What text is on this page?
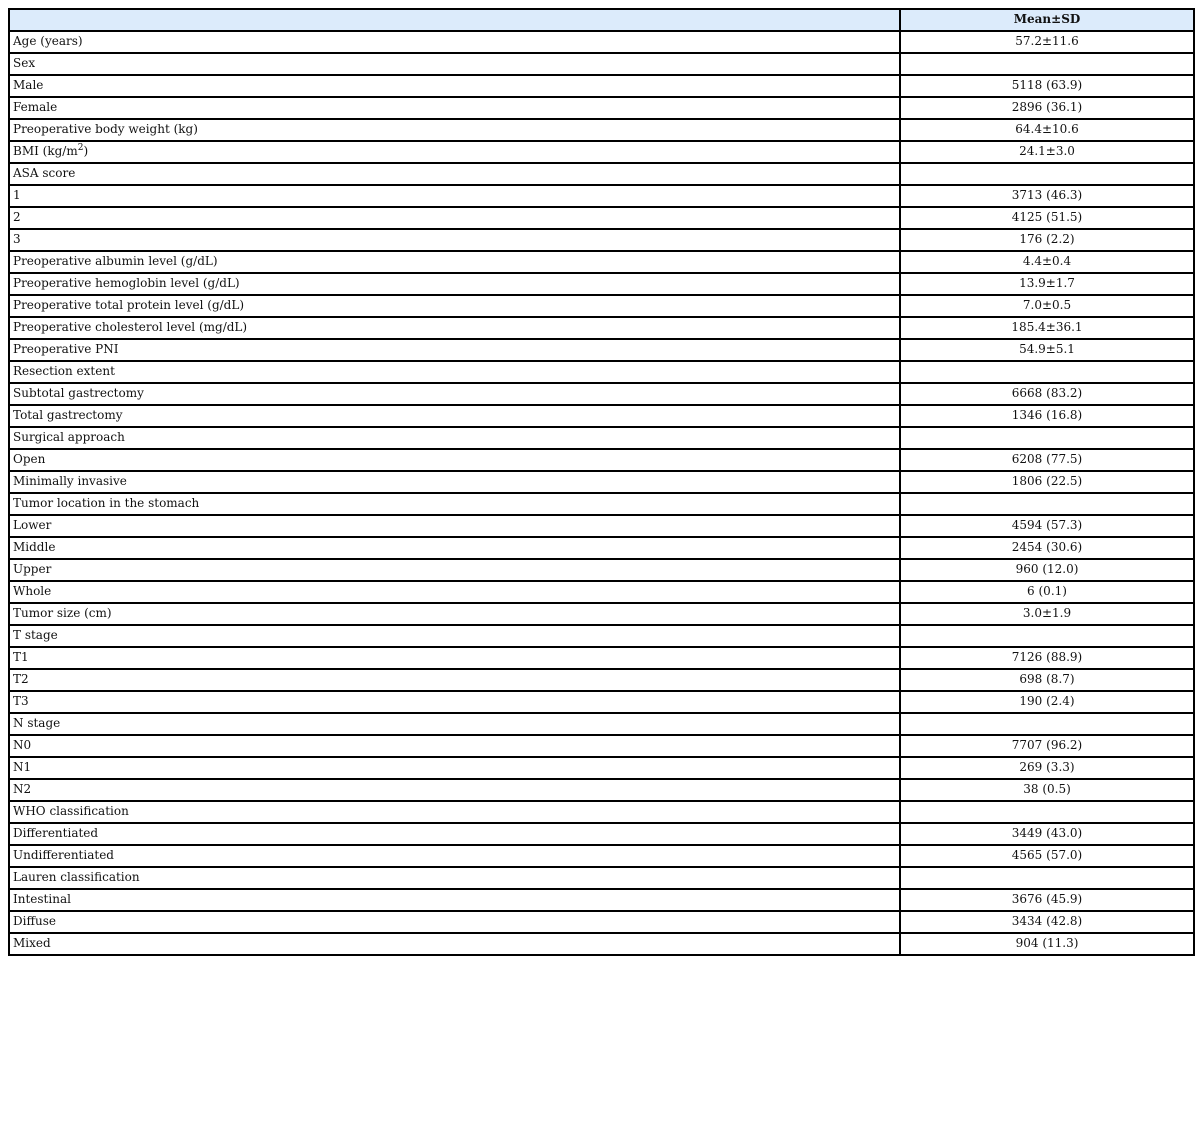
	Mean±SD
Age (years)	57.2±11.6
Sex	
Male	5118 (63.9)
Female	2896 (36.1)
Preoperative body weight (kg)	64.4±10.6
BMI $(kg/m^2)$	24.1±3.0
ASA score	
1	3713 (46.3)
2	4125 (51.5)
3	176 (2.2)
Preoperative albumin level (g/dL)	4.4±0.4
Preoperative hemoglobin level (g/dL)	13.9±1.7
Preoperative total protein level (g/dL)	7.0±0.5
Preoperative cholesterol level (mg/dL)	185.4±36.1
Preoperative PNI	54.9±5.1
Resection extent	
Subtotal gastrectomy	6668 (83.2)
Total gastrectomy	1346 (16.8)
Surgical approach	
Open	6208 (77.5)
Minimally invasive	1806 (22.5)
Tumor location in the stomach	
Lower	4594 (57.3)
Middle	2454 (30.6)
Upper	960 (12.0)
Whole	6 (0.1)
Tumor size (cm)	3.0±1.9
T stage	
T1	7126 (88.9)
T2	698 (8.7)
T3	190 (2.4)
N stage	
N0	7707 (96.2)
N1	269 (3.3)
N2	38 (0.5)
WHO classification	
Differentiated	3449 (43.0)
Undifferentiated	4565 (57.0)
Lauren classification	
Intestinal	3676 (45.9)
Diffuse	3434 (42.8)
Mixed	904 (11.3)
